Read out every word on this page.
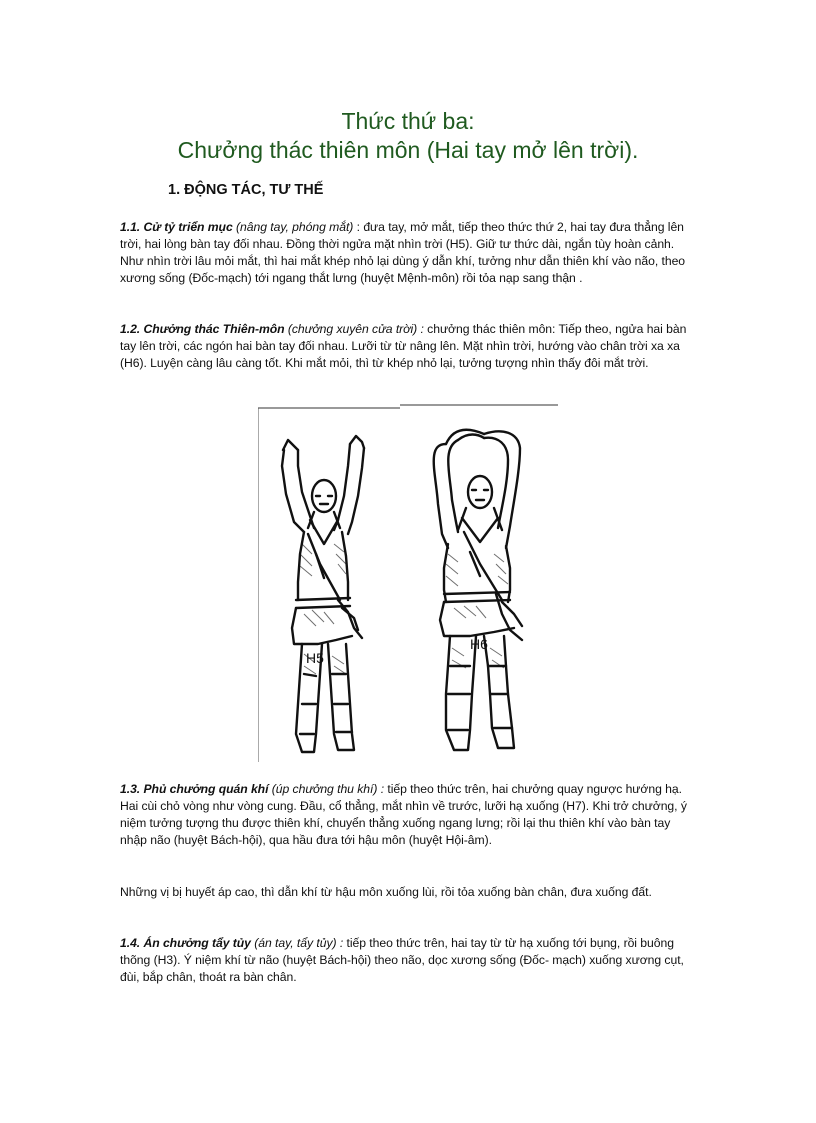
Thức thứ ba:
Chưởng thác thiên môn (Hai tay mở lên trời).
1. ĐỘNG TÁC, TƯ THẾ

1.1. Cử tỷ triển mục (nâng tay, phóng mắt) : đưa tay, mở mắt, tiếp theo thức thứ 2, hai tay đưa thẳng lên trời, hai lòng bàn tay đối nhau. Đồng thời ngửa mặt nhìn trời (H5). Giữ tư thức dài, ngắn tùy hoàn cảnh. Như nhìn trời lâu mỏi mắt, thì hai mắt khép nhỏ lại dùng ý dẫn khí, tưởng như dẫn thiên khí vào não, theo xương sống (Đốc-mạch) tới ngang thắt lưng (huyệt Mệnh-môn) rồi tỏa nạp sang thận .

1.2. Chưởng thác Thiên-môn (chưởng xuyên cửa trời) : chưởng thác thiên môn: Tiếp theo, ngửa hai bàn tay lên trời, các ngón hai bàn tay đối nhau. Lưỡi từ từ nâng lên. Mặt nhìn trời, hướng vào chân trời xa xa (H6). Luyện càng lâu càng tốt. Khi mắt mỏi, thì từ khép nhỏ lại, tưởng tượng nhìn thấy đôi mắt trời.

H5
H6

1.3. Phủ chưởng quán khí (úp chưởng thu khí) : tiếp theo thức trên, hai chưởng quay ngược hướng hạ. Hai cùi chỏ vòng như vòng cung. Đầu, cổ thẳng, mắt nhìn về trước, lưỡi hạ xuống (H7). Khi trở chưởng, ý niệm tưởng tượng thu được thiên khí, chuyển thẳng xuống ngang lưng; rồi lại thu thiên khí vào bàn tay nhập não (huyệt Bách-hội), qua hầu đưa tới hậu môn (huyệt Hội-âm).

Những vị bị huyết áp cao, thì dẫn khí từ hậu môn xuống lùi, rồi tỏa xuống bàn chân, đưa xuống đất.

1.4. Án chưởng tẩy tủy (án tay, tẩy tủy) : tiếp theo thức trên, hai tay từ từ hạ xuống tới bụng, rồi buông thõng (H3). Ý niệm khí từ não (huyệt Bách-hội) theo não, dọc xương sống (Đốc- mạch) xuống xương cụt, đùi, bắp chân, thoát ra bàn chân.
